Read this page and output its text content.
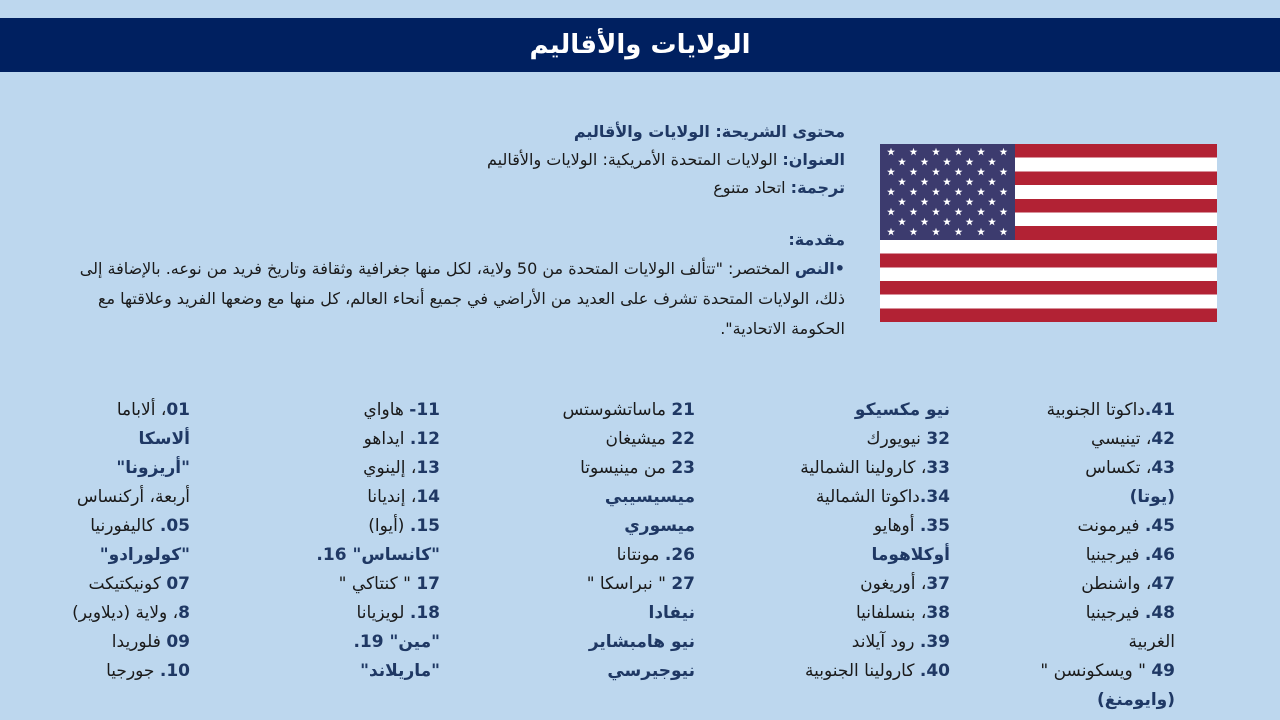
الولايات والأقاليم
محتوى الشريحة: الولايات والأقاليم
العنوان: الولايات المتحدة الأمريكية: الولايات والأقاليم
ترجمة: اتحاد متنوع
مقدمة:
•النص المختصر: "تتألف الولايات المتحدة من 50 ولاية، لكل منها جغرافية وثقافة وتاريخ فريد من نوعه. بالإضافة إلى ذلك، الولايات المتحدة تشرف على العديد من الأراضي في جميع أنحاء العالم، كل منها مع وضعها الفريد وعلاقتها مع الحكومة الاتحادية".
41.داكوتا الجنوبية
42، تينيسي
43، تكساس
(يوتا)
45. فيرمونت
46. فيرجينيا
47، واشنطن
48. فيرجينيا
الغربية
49 " ويسكونسن "
(وايومنغ)
نيو مكسيكو
32 نيويورك
33، كارولينا الشمالية
34.داكوتا الشمالية
35. أوهايو
أوكلاهوما
37، أوريغون
38، بنسلفانيا
39. رود آيلاند
40. كارولينا الجنوبية
21 ماساتشوستس
22 ميشيغان
23 من مينيسوتا
ميسيسيبي
ميسوري
26. مونتانا
27 " نبراسكا "
نيفادا
نيو هامبشاير
نيوجيرسي
11- هاواي
12. ايداهو
13، إلينوي
14، إنديانا
15. (أيوا)
"كانساس" 16.
17 " كنتاكي "
18. لويزيانا
"مين" 19.
"ماريلاند"
01، ألاباما
ألاسكا
"أريزونا"
أربعة، أركنساس
05. كاليفورنيا
"كولورادو"
07 كونيكتيكت
8، ولاية (ديلاوير)
09 فلوريدا
10. جورجيا
